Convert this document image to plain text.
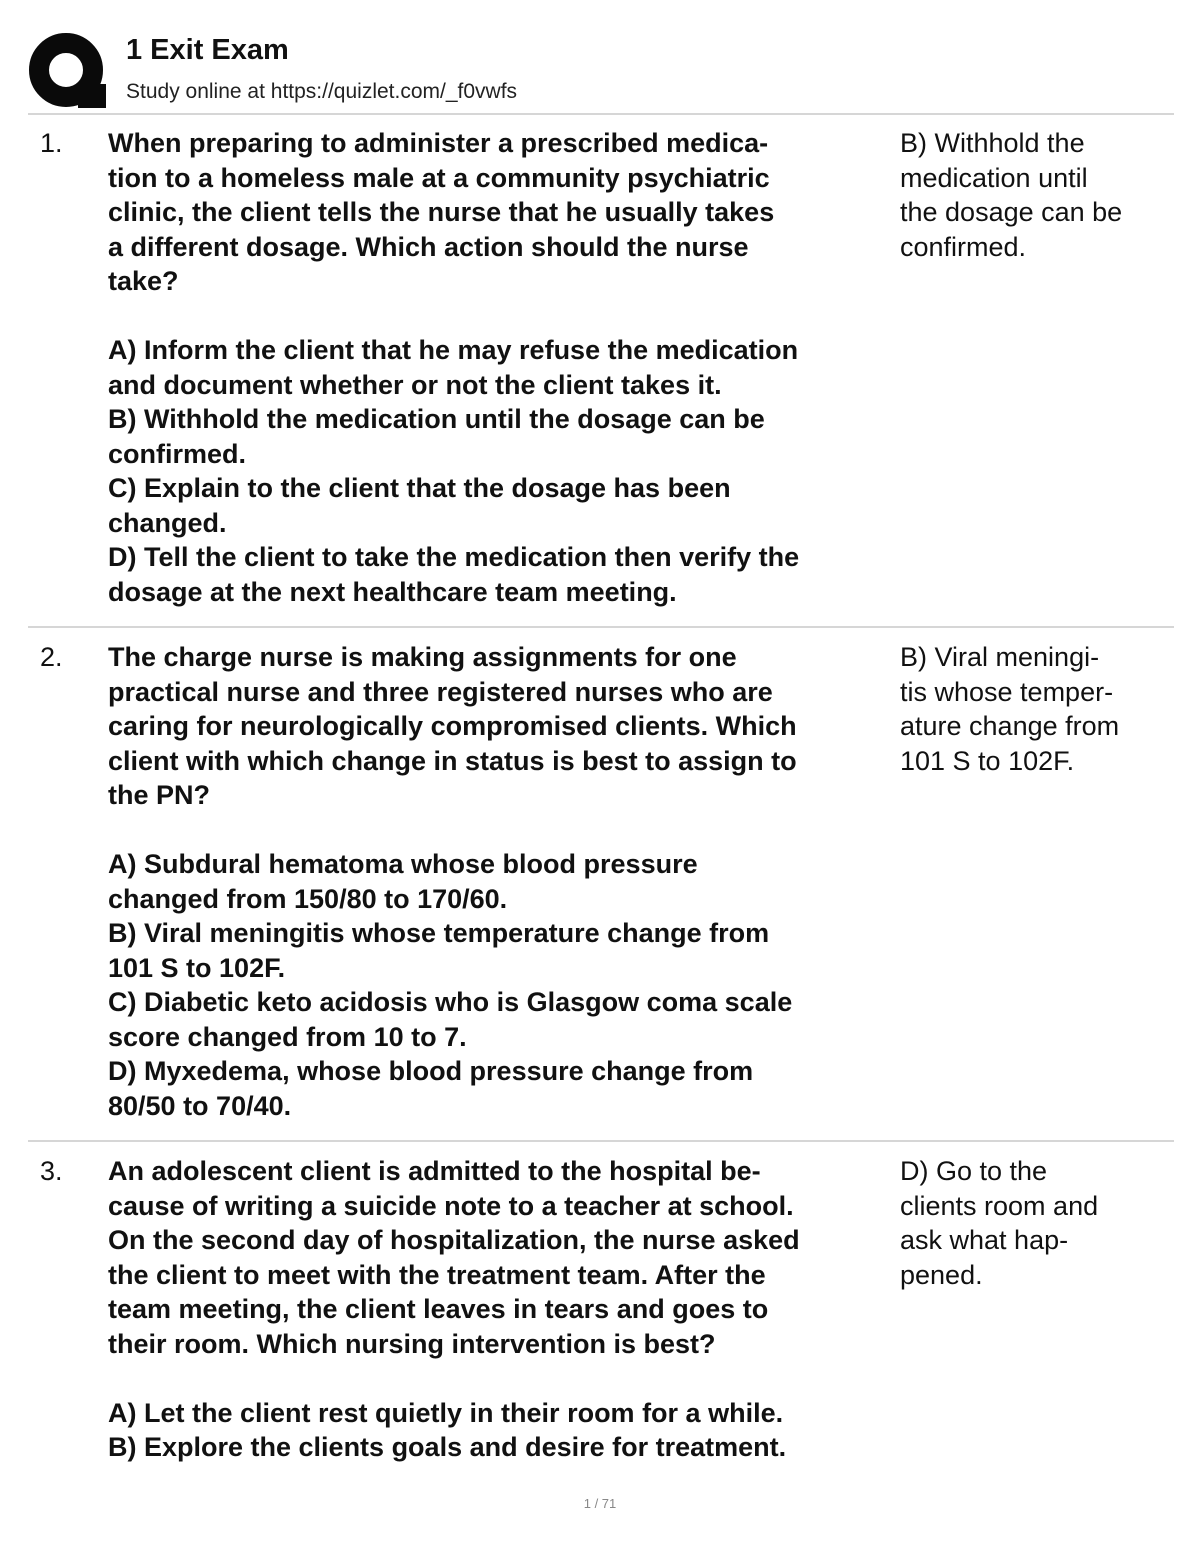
1 Exit Exam
Study online at https://quizlet.com/_f0vwfs
1. When preparing to administer a prescribed medica-

tion to a homeless male at a community psychiatric

clinic, the client tells the nurse that he usually takes

a different dosage. Which action should the nurse

take?

A) Inform the client that he may refuse the medication

and document whether or not the client takes it.

B) Withhold the medication until the dosage can be

confirmed.

C) Explain to the client that the dosage has been

changed.

D) Tell the client to take the medication then verify the

dosage at the next healthcare team meeting.

B) Withhold the
medication until
the dosage can be
confirmed.
2. The charge nurse is making assignments for one

practical nurse and three registered nurses who are

caring for neurologically compromised clients. Which

client with which change in status is best to assign to

the PN?

A) Subdural hematoma whose blood pressure

changed from 150/80 to 170/60.

B) Viral meningitis whose temperature change from

101 S to 102F.

C) Diabetic keto acidosis who is Glasgow coma scale

score changed from 10 to 7.

D) Myxedema, whose blood pressure change from

80/50 to 70/40.

B) Viral meningi-
tis whose temper-
ature change from
101 S to 102F.
3. An adolescent client is admitted to the hospital be-

cause of writing a suicide note to a teacher at school.

On the second day of hospitalization, the nurse asked

the client to meet with the treatment team. After the

team meeting, the client leaves in tears and goes to

their room. Which nursing intervention is best?

A) Let the client rest quietly in their room for a while.

B) Explore the clients goals and desire for treatment.

D) Go to the
clients room and
ask what hap-
pened.
1 / 71
